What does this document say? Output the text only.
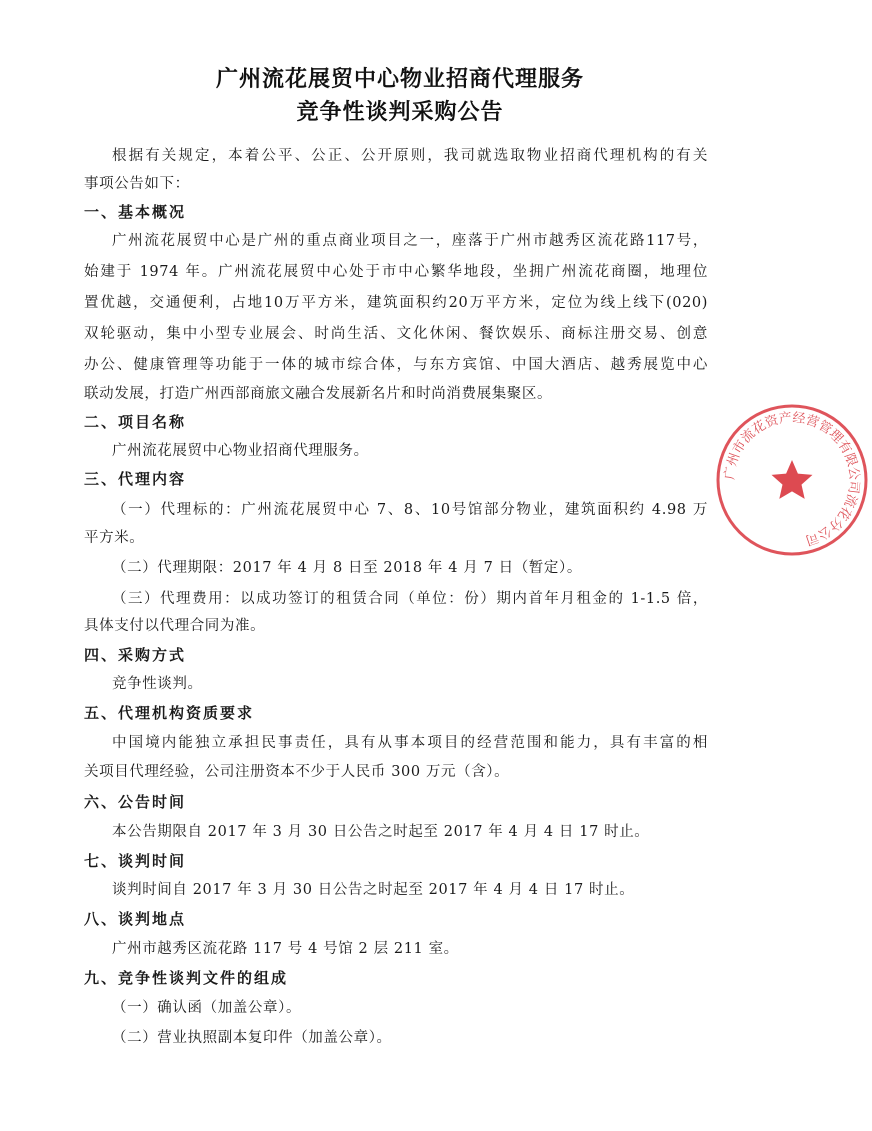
广州流花展贸中心物业招商代理服务
竞争性谈判采购公告
根据有关规定，本着公平、公正、公开原则，我司就选取物业招商代理机构的有关
事项公告如下：
一、基本概况
广州流花展贸中心是广州的重点商业项目之一，座落于广州市越秀区流花路117号，
始建于 1974 年。广州流花展贸中心处于市中心繁华地段，坐拥广州流花商圈，地理位
置优越，交通便利，占地10万平方米，建筑面积约20万平方米，定位为线上线下(020)
双轮驱动，集中小型专业展会、时尚生活、文化休闲、餐饮娱乐、商标注册交易、创意
办公、健康管理等功能于一体的城市综合体，与东方宾馆、中国大酒店、越秀展览中心
联动发展，打造广州西部商旅文融合发展新名片和时尚消费展集聚区。
二、项目名称
广州流花展贸中心物业招商代理服务。
三、代理内容
（一）代理标的：广州流花展贸中心 7、8、10号馆部分物业，建筑面积约 4.98 万
平方米。
（二）代理期限：2017 年 4 月 8 日至 2018 年 4 月 7 日（暂定）。
（三）代理费用：以成功签订的租赁合同（单位：份）期内首年月租金的 1-1.5 倍，
具体支付以代理合同为准。
四、采购方式
竞争性谈判。
五、代理机构资质要求
中国境内能独立承担民事责任，具有从事本项目的经营范围和能力，具有丰富的相
关项目代理经验，公司注册资本不少于人民币 300 万元（含）。
六、公告时间
本公告期限自 2017 年 3 月 30 日公告之时起至 2017 年 4 月 4 日 17 时止。
七、谈判时间
谈判时间自 2017 年 3 月 30 日公告之时起至 2017 年 4 月 4 日 17 时止。
八、谈判地点
广州市越秀区流花路 117 号 4 号馆 2 层 211 室。
九、竞争性谈判文件的组成
（一）确认函（加盖公章）。
（二）营业执照副本复印件（加盖公章）。
广州市流花资产经营管理有限公司流花分公司
